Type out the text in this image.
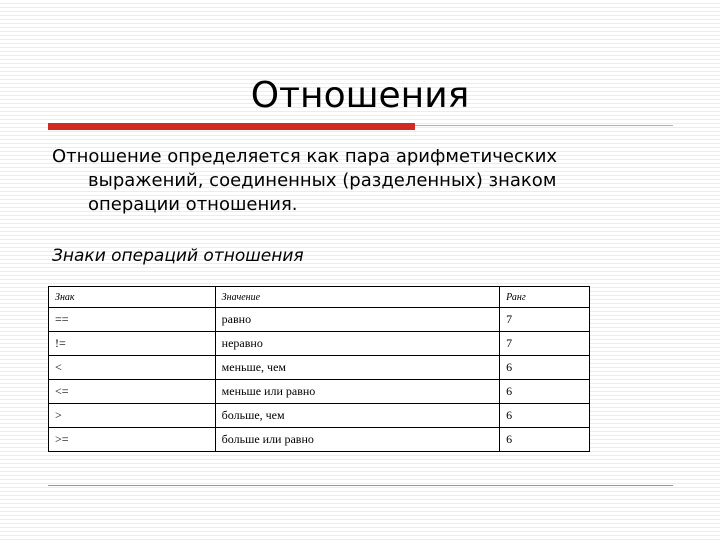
Отношения
Отношение определяется как пара арифметических
выражений, соединенных (разделенных) знаком
операции отношения.
Знаки операций отношения
Знак	Значение	Ранг
==	равно	7
!=	неравно	7
<	меньше, чем	6
<=	меньше или равно	6
>	больше, чем	6
>=	больше или равно	6
